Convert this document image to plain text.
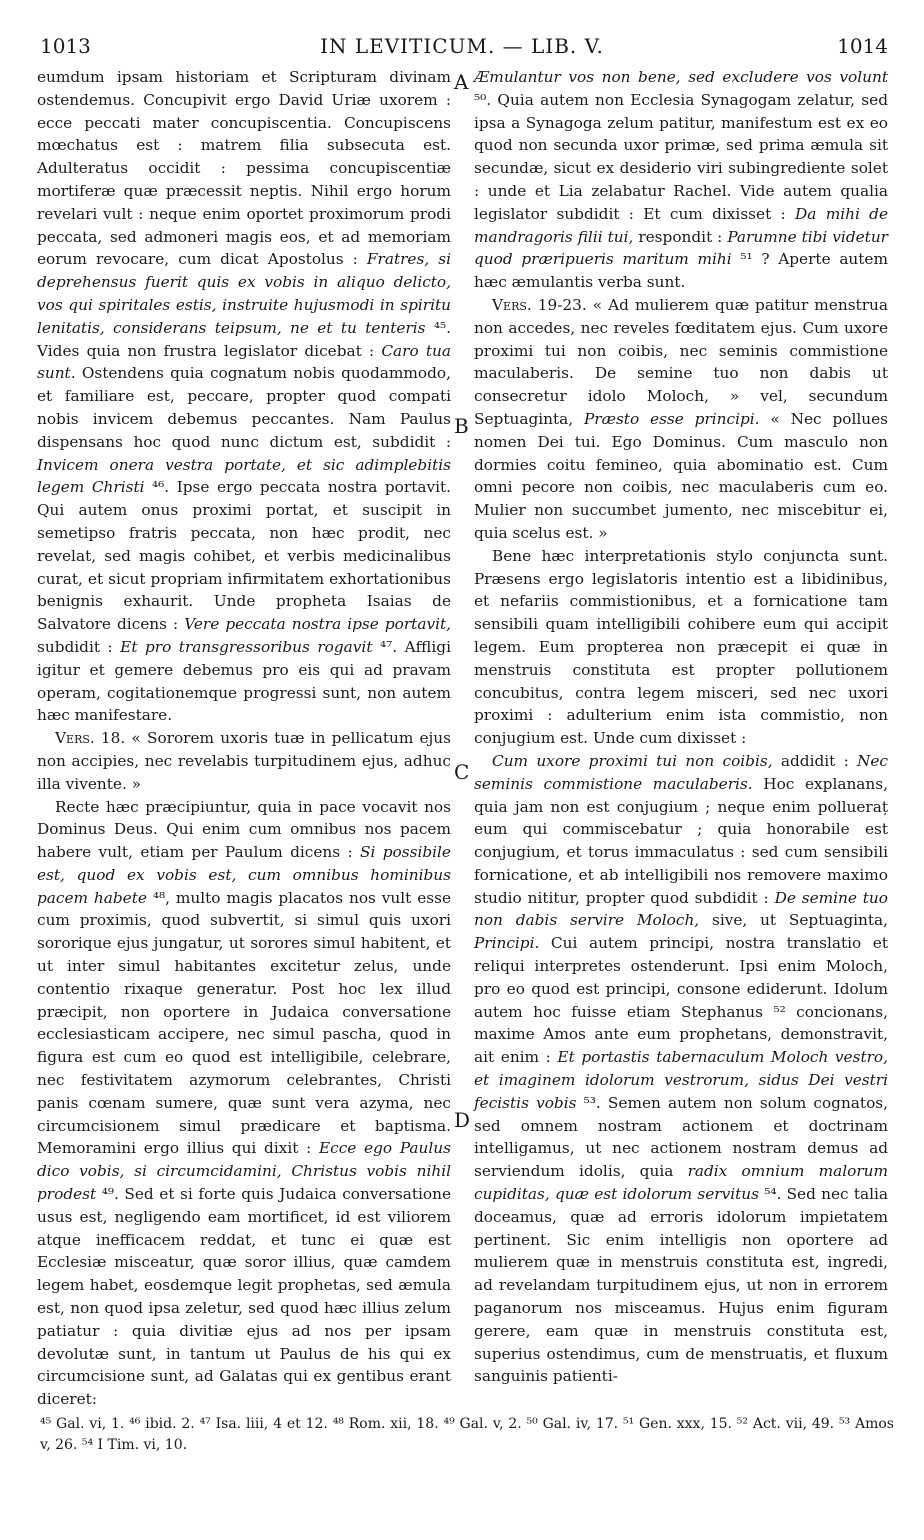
1013	IN LEVITICUM. — LIB. V.	1014

eumdum ipsam historiam et Scripturam divinam ostendemus. Concupivit ergo David Uriæ uxorem : ecce peccati mater concupiscentia. Concupiscens mœchatus est : matrem filia subsecuta est. Adulteratus occidit : pessima concupiscentiæ mortiferæ quæ præcessit neptis. Nihil ergo horum revelari vult : neque enim oportet proximorum prodi peccata, sed admoneri magis eos, et ad memoriam eorum revocare, cum dicat Apostolus : Fratres, si deprehensus fuerit quis ex vobis in aliquo delicto, vos qui spiritales estis, instruite hujusmodi in spiritu lenitatis, considerans teipsum, ne et tu tenteris ⁴⁵. Vides quia non frustra legislator dicebat : Caro tua sunt. Ostendens quia cognatum nobis quodammodo, et familiare est, peccare, propter quod compati nobis invicem debemus peccantes. Nam Paulus dispensans hoc quod nunc dictum est, subdidit : Invicem onera vestra portate, et sic adimplebitis legem Christi ⁴⁶. Ipse ergo peccata nostra portavit. Qui autem onus proximi portat, et suscipit in semetipso fratris peccata, non hæc prodit, nec revelat, sed magis cohibet, et verbis medicinalibus curat, et sicut propriam infirmitatem exhortationibus benignis exhaurit. Unde propheta Isaias de Salvatore dicens : Vere peccata nostra ipse portavit, subdidit : Et pro transgressoribus rogavit ⁴⁷. Affligi igitur et gemere debemus pro eis qui ad pravam operam, cogitationemque progressi sunt, non autem hæc manifestare.

Vers. 18. « Sororem uxoris tuæ in pellicatum ejus non accipies, nec revelabis turpitudinem ejus, adhuc illa vivente. »

Recte hæc præcipiuntur, quia in pace vocavit nos Dominus Deus. Qui enim cum omnibus nos pacem habere vult, etiam per Paulum dicens : Si possibile est, quod ex vobis est, cum omnibus hominibus pacem habete ⁴⁸, multo magis placatos nos vult esse cum proximis, quod subvertit, si simul quis uxori sororique ejus jungatur, ut sorores simul habitent, et ut inter simul habitantes excitetur zelus, unde contentio rixaque generatur. Post hoc lex illud præcipit, non oportere in Judaica conversatione ecclesiasticam accipere, nec simul pascha, quod in figura est cum eo quod est intelligibile, celebrare, nec festivitatem azymorum celebrantes, Christi panis cœnam sumere, quæ sunt vera azyma, nec circumcisionem simul prædicare et baptisma. Memoramini ergo illius qui dixit : Ecce ego Paulus dico vobis, si circumcidamini, Christus vobis nihil prodest ⁴⁹. Sed et si forte quis Judaica conversatione usus est, negligendo eam mortificet, id est viliorem atque inefficacem reddat, et tunc ei quæ est Ecclesiæ misceatur, quæ soror illius, quæ camdem legem habet, eosdemque legit prophetas, sed æmula est, non quod ipsa zeletur, sed quod hæc illius zelum patiatur : quia divitiæ ejus ad nos per ipsam devolutæ sunt, in tantum ut Paulus de his qui ex circumcisione sunt, ad Galatas qui ex gentibus erant diceret:

A
B
C
D

Æmulantur vos non bene, sed excludere vos volunt ⁵⁰. Quia autem non Ecclesia Synagogam zelatur, sed ipsa a Synagoga zelum patitur, manifestum est ex eo quod non secunda uxor primæ, sed prima æmula sit secundæ, sicut ex desiderio viri subingrediente solet : unde et Lia zelabatur Rachel. Vide autem qualia legislator subdidit : Et cum dixisset : Da mihi de mandragoris filii tui, respondit : Parumne tibi videtur quod præripueris maritum mihi ⁵¹ ? Aperte autem hæc æmulantis verba sunt.

Vers. 19-23. « Ad mulierem quæ patitur menstrua non accedes, nec reveles fœditatem ejus. Cum uxore proximi tui non coibis, nec seminis commistione maculaberis. De semine tuo non dabis ut consecretur idolo Moloch, » vel, secundum Septuaginta, Præsto esse principi. « Nec pollues nomen Dei tui. Ego Dominus. Cum masculo non dormies coitu femineo, quia abominatio est. Cum omni pecore non coibis, nec maculaberis cum eo. Mulier non succumbet jumento, nec miscebitur ei, quia scelus est. »

Bene hæc interpretationis stylo conjuncta sunt. Præsens ergo legislatoris intentio est a libidinibus, et nefariis commistionibus, et a fornicatione tam sensibili quam intelligibili cohibere eum qui accipit legem. Eum propterea non præcepit ei quæ in menstruis constituta est propter pollutionem concubitus, contra legem misceri, sed nec uxori proximi : adulterium enim ista commistio, non conjugium est. Unde cum dixisset :

Cum uxore proximi tui non coibis, addidit : Nec seminis commistione maculaberis. Hoc explanans, quia jam non est conjugium ; neque enim pollueraț eum qui commiscebatur ; quia honorabile est conjugium, et torus immaculatus : sed cum sensibili fornicatione, et ab intelligibili nos removere maximo studio nititur, propter quod subdidit : De semine tuo non dabis servire Moloch, sive, ut Septuaginta, Principi. Cui autem principi, nostra translatio et reliqui interpretes ostenderunt. Ipsi enim Moloch, pro eo quod est principi, consone ediderunt. Idolum autem hoc fuisse etiam Stephanus ⁵² concionans, maxime Amos ante eum prophetans, demonstravit, ait enim : Et portastis tabernaculum Moloch vestro, et imaginem idolorum vestrorum, sidus Dei vestri fecistis vobis ⁵³. Semen autem non solum cognatos, sed omnem nostram actionem et doctrinam intelligamus, ut nec actionem nostram demus ad serviendum idolis, quia radix omnium malorum cupiditas, quæ est idolorum servitus ⁵⁴. Sed nec talia doceamus, quæ ad erroris idolorum impietatem pertinent. Sic enim intelligis non oportere ad mulierem quæ in menstruis constituta est, ingredi, ad revelandam turpitudinem ejus, ut non in errorem paganorum nos misceamus. Hujus enim figuram gerere, eam quæ in menstruis constituta est, superius ostendimus, cum de menstruatis, et fluxum sanguinis patienti-

⁴⁵ Gal. vi, 1. ⁴⁶ ibid. 2. ⁴⁷ Isa. liii, 4 et 12. ⁴⁸ Rom. xii, 18. ⁴⁹ Gal. v, 2. ⁵⁰ Gal. iv, 17. ⁵¹ Gen. xxx, 15. ⁵² Act. vii, 49. ⁵³ Amos v, 26. ⁵⁴ I Tim. vi, 10.
